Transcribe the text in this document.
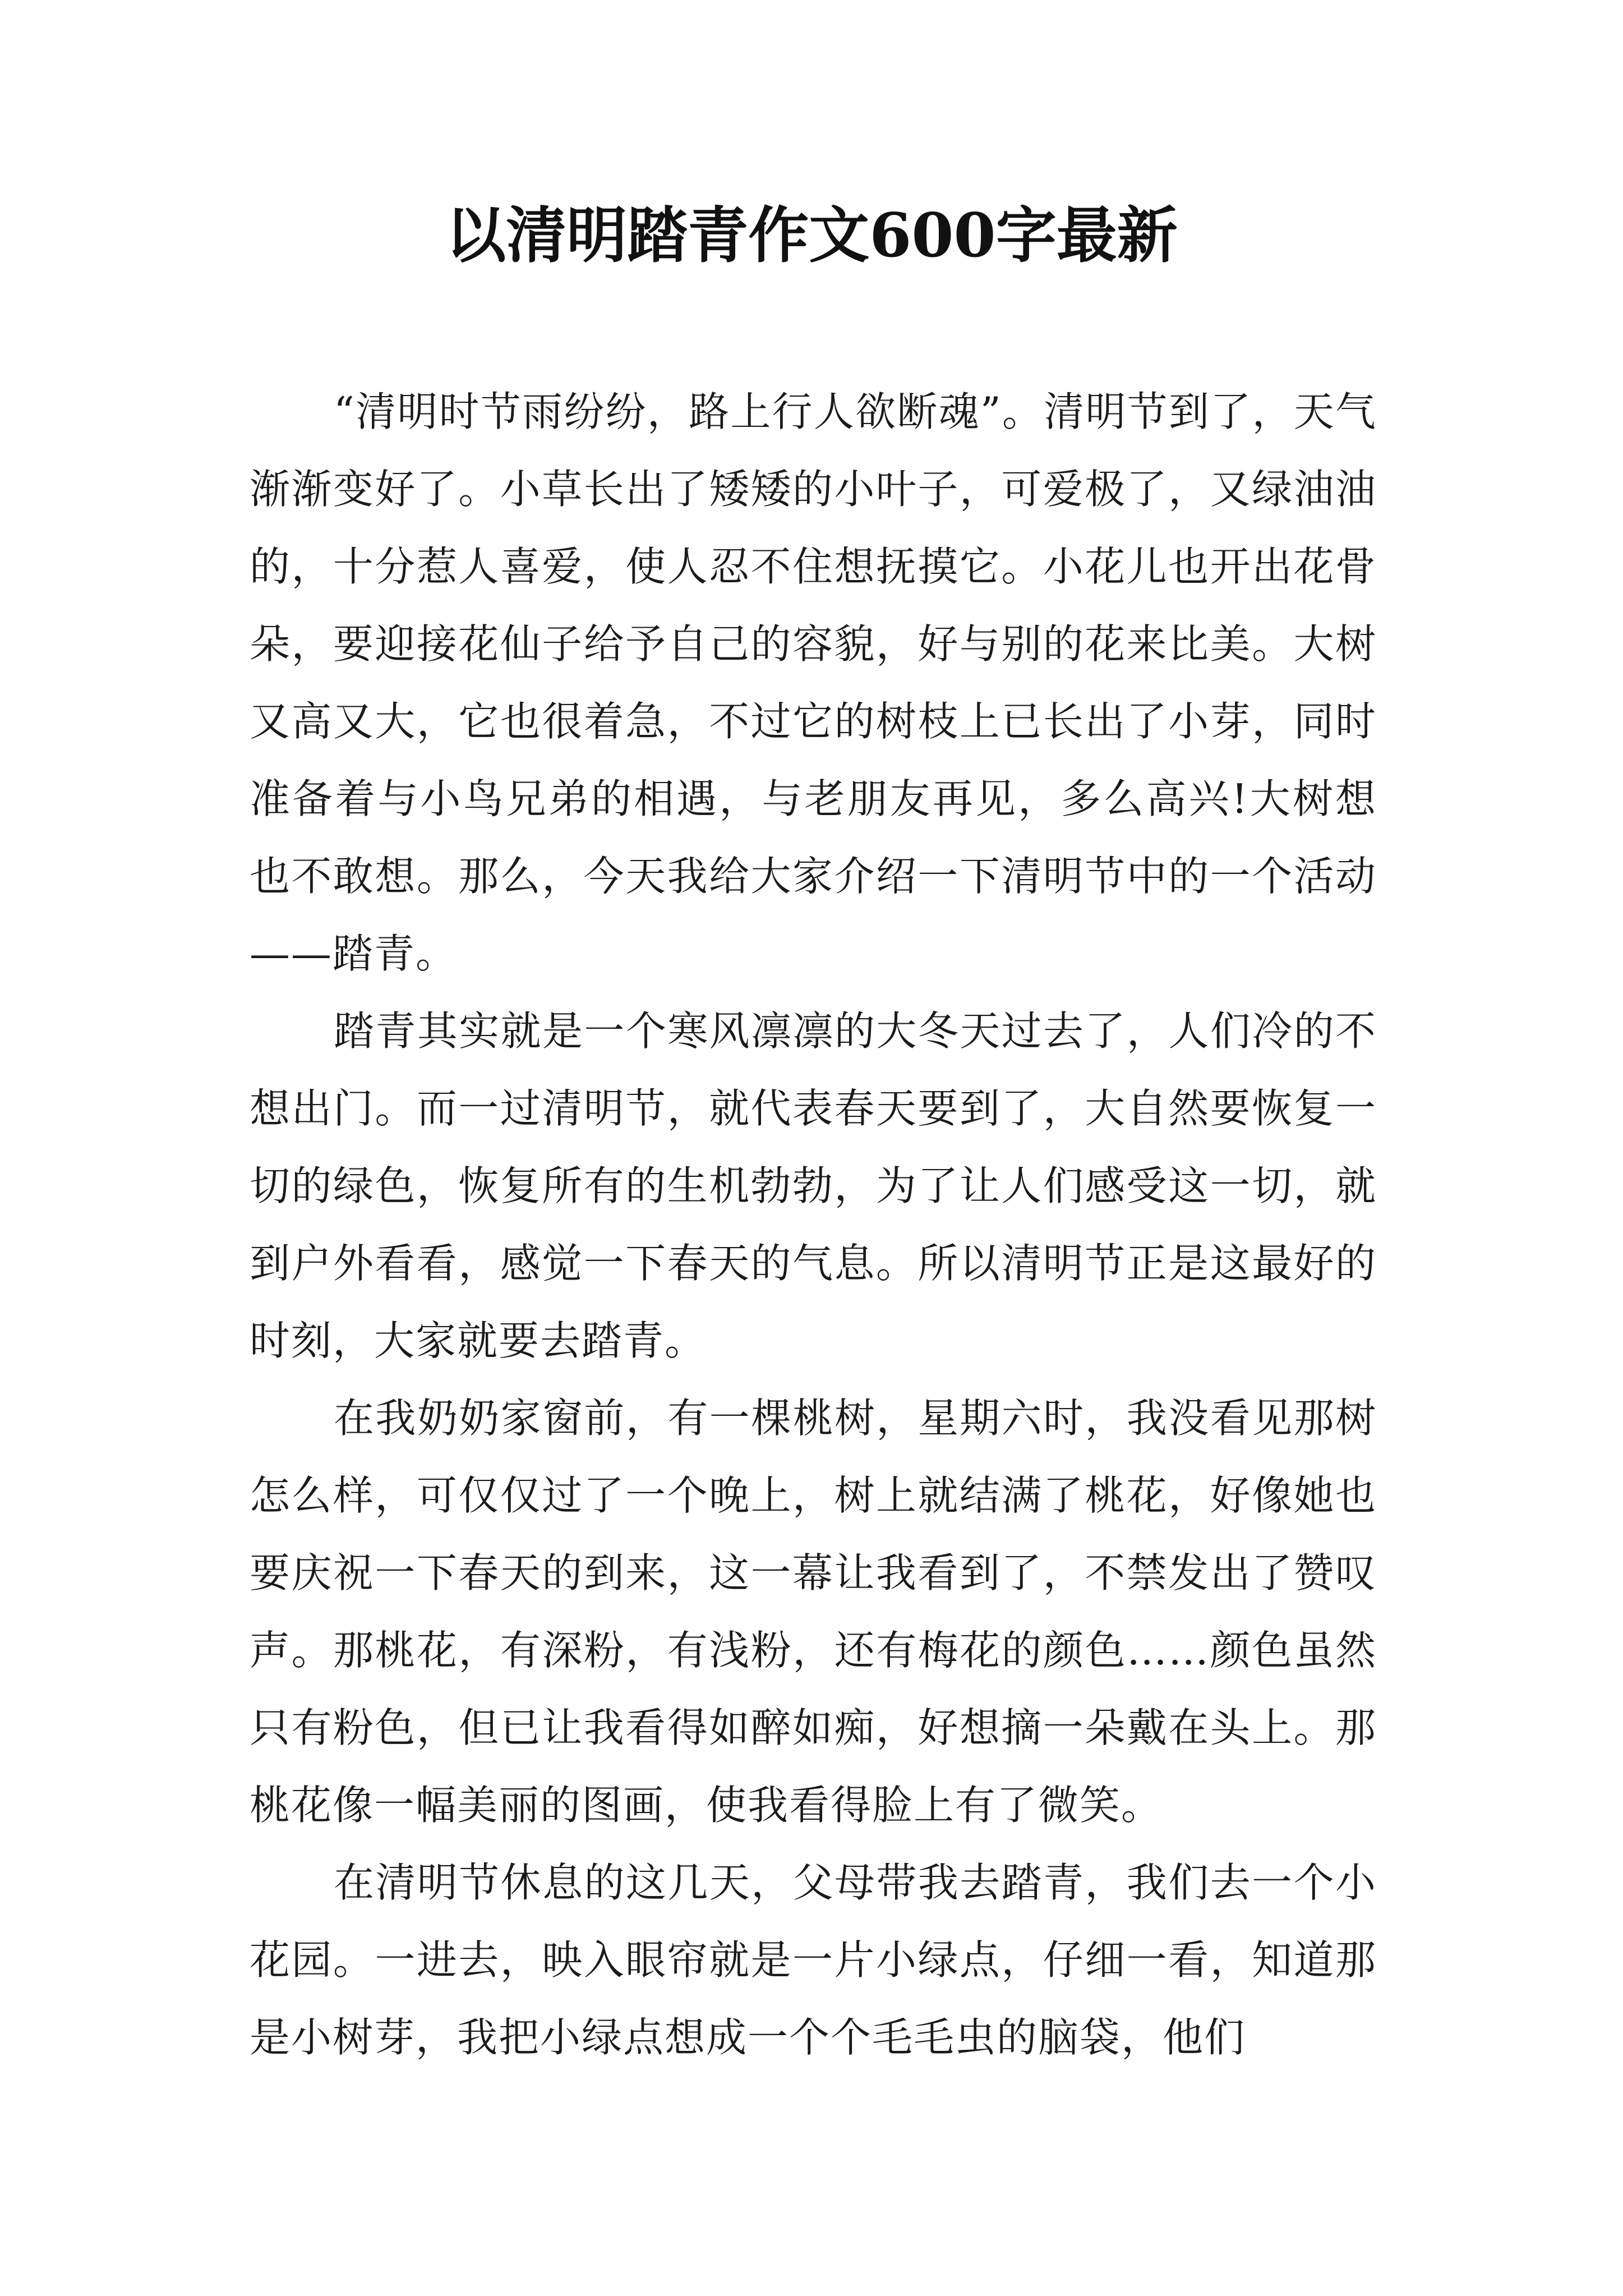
以清明踏青作文600字最新

“清明时节雨纷纷，路上行人欲断魂”。清明节到了，天气渐渐变好了。小草长出了矮矮的小叶子，可爱极了，又绿油油的，十分惹人喜爱，使人忍不住想抚摸它。小花儿也开出花骨朵，要迎接花仙子给予自己的容貌，好与别的花来比美。大树又高又大，它也很着急，不过它的树枝上已长出了小芽，同时准备着与小鸟兄弟的相遇，与老朋友再见，多么高兴!大树想也不敢想。那么，今天我给大家介绍一下清明节中的一个活动——踏青。

踏青其实就是一个寒风凛凛的大冬天过去了，人们冷的不想出门。而一过清明节，就代表春天要到了，大自然要恢复一切的绿色，恢复所有的生机勃勃，为了让人们感受这一切，就到户外看看，感觉一下春天的气息。所以清明节正是这最好的时刻，大家就要去踏青。

在我奶奶家窗前，有一棵桃树，星期六时，我没看见那树怎么样，可仅仅过了一个晚上，树上就结满了桃花，好像她也要庆祝一下春天的到来，这一幕让我看到了，不禁发出了赞叹声。那桃花，有深粉，有浅粉，还有梅花的颜色……颜色虽然只有粉色，但已让我看得如醉如痴，好想摘一朵戴在头上。那桃花像一幅美丽的图画，使我看得脸上有了微笑。

在清明节休息的这几天，父母带我去踏青，我们去一个小花园。一进去，映入眼帘就是一片小绿点，仔细一看，知道那是小树芽，我把小绿点想成一个个毛毛虫的脑袋，他们
